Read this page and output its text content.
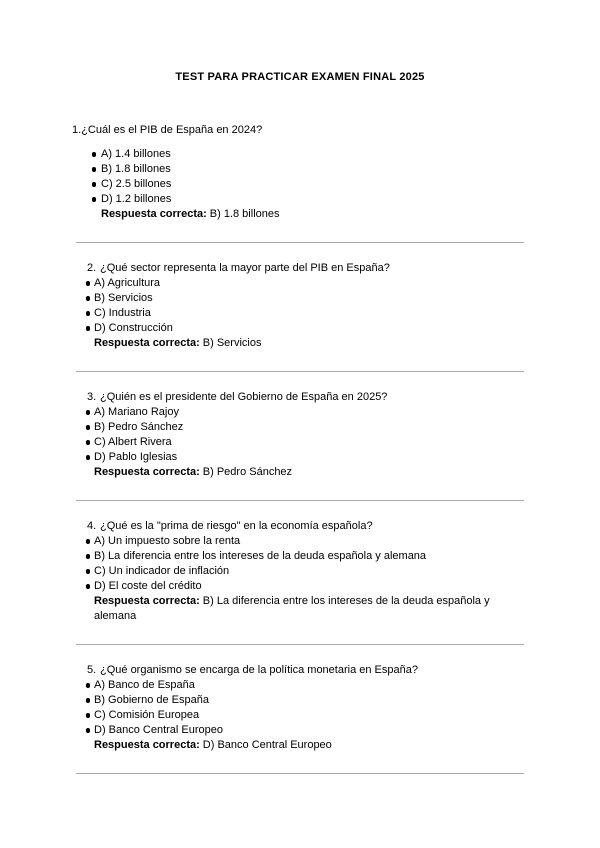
TEST PARA PRACTICAR EXAMEN FINAL 2025

1.¿Cuál es el PIB de España en 2024?

A) 1.4 billones
B) 1.8 billones
C) 2.5 billones
D) 1.2 billones
Respuesta correcta: B) 1.8 billones

2. ¿Qué sector representa la mayor parte del PIB en España?

A) Agricultura
B) Servicios
C) Industria
D) Construcción
Respuesta correcta: B) Servicios

3. ¿Quién es el presidente del Gobierno de España en 2025?

A) Mariano Rajoy
B) Pedro Sánchez
C) Albert Rivera
D) Pablo Iglesias
Respuesta correcta: B) Pedro Sánchez

4. ¿Qué es la "prima de riesgo" en la economía española?

A) Un impuesto sobre la renta
B) La diferencia entre los intereses de la deuda española y alemana
C) Un indicador de inflación
D) El coste del crédito
Respuesta correcta: B) La diferencia entre los intereses de la deuda española y alemana

5. ¿Qué organismo se encarga de la política monetaria en España?

A) Banco de España
B) Gobierno de España
C) Comisión Europea
D) Banco Central Europeo
Respuesta correcta: D) Banco Central Europeo
